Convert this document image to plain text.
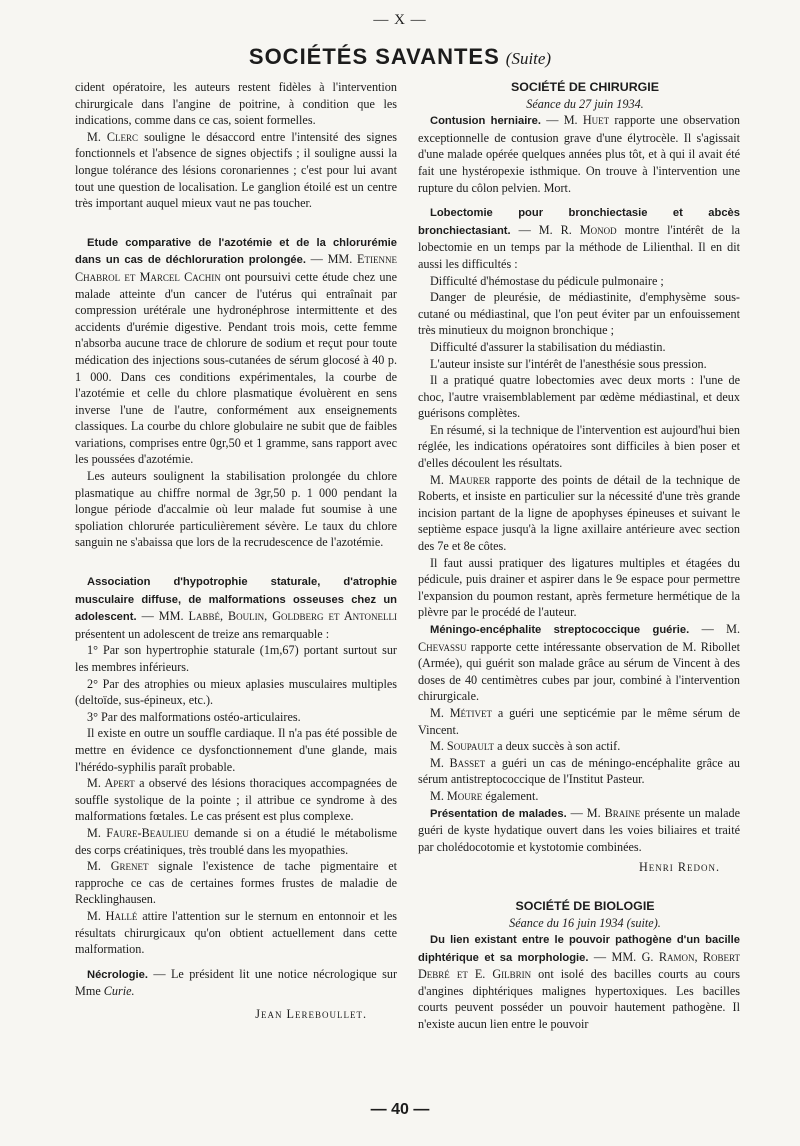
— X —
SOCIÉTÉS SAVANTES (Suite)

cident opératoire, les auteurs restent fidèles à l'intervention chirurgicale dans l'angine de poitrine, à condition que les indications, comme dans ce cas, soient formelles.

M. Clerc souligne le désaccord entre l'intensité des signes fonctionnels et l'absence de signes objectifs ; il souligne aussi la longue tolérance des lésions coronariennes ; c'est pour lui avant tout une question de localisation. Le ganglion étoilé est un centre très important auquel mieux vaut ne pas toucher.

Etude comparative de l'azotémie et de la chlorurémie dans un cas de déchloruration prolongée. — MM. Etienne Chabrol et Marcel Cachin ont poursuivi cette étude chez une malade atteinte d'un cancer de l'utérus qui entraînait par compression urétérale une hydronéphrose intermittente et des accidents d'urémie digestive. Pendant trois mois, cette femme n'absorba aucune trace de chlorure de sodium et reçut pour toute médication des injections sous-cutanées de sérum glocosé à 40 p. 1 000. Dans ces conditions expérimentales, la courbe de l'azotémie et celle du chlore plasmatique évoluèrent en sens inverse l'une de l'autre, conformément aux enseignements classiques. La courbe du chlore globulaire ne subit que de faibles variations, comprises entre 0gr,50 et 1 gramme, sans rapport avec les poussées d'azotémie.

Les auteurs soulignent la stabilisation prolongée du chlore plasmatique au chiffre normal de 3gr,50 p. 1 000 pendant la longue période d'accalmie où leur malade fut soumise à une spoliation chlorurée particulièrement sévère. Le taux du chlore sanguin ne s'abaissa que lors de la recrudescence de l'azotémie.

Association d'hypotrophie staturale, d'atrophie musculaire diffuse, de malformations osseuses chez un adolescent. — MM. Labbé, Boulin, Goldberg et Antonelli présentent un adolescent de treize ans remarquable :

1° Par son hypertrophie staturale (1m,67) portant surtout sur les membres inférieurs.

2° Par des atrophies ou mieux aplasies musculaires multiples (deltoïde, sus-épineux, etc.).

3° Par des malformations ostéo-articulaires.

Il existe en outre un souffle cardiaque. Il n'a pas été possible de mettre en évidence ce dysfonctionnement d'une glande, mais l'hérédo-syphilis paraît probable.

M. Apert a observé des lésions thoraciques accompagnées de souffle systolique de la pointe ; il attribue ce syndrome à des malformations fœtales. Le cas présent est plus complexe.

M. Faure-Beaulieu demande si on a étudié le métabolisme des corps créatiniques, très troublé dans les myopathies.

M. Grenet signale l'existence de tache pigmentaire et rapproche ce cas de certaines formes frustes de maladie de Recklinghausen.

M. Hallé attire l'attention sur le sternum en entonnoir et les résultats chirurgicaux qu'on obtient actuellement dans cette malformation.

Nécrologie. — Le président lit une notice nécrologique sur Mme Curie.

Jean Lereboullet.

SOCIÉTÉ DE CHIRURGIE

Séance du 27 juin 1934.

Contusion herniaire. — M. Huet rapporte une observation exceptionnelle de contusion grave d'une élytrocèle. Il s'agissait d'une malade opérée quelques années plus tôt, et à qui il avait été fait une hystéropexie isthmique. On trouve à l'intervention une rupture du côlon pelvien. Mort.

Lobectomie pour bronchiectasie et abcès bronchiectasiant. — M. R. Monod montre l'intérêt de la lobectomie en un temps par la méthode de Lilienthal. Il en dit aussi les difficultés :

Difficulté d'hémostase du pédicule pulmonaire ;

Danger de pleurésie, de médiastinite, d'emphysème sous-cutané ou médiastinal, que l'on peut éviter par un enfouissement très minutieux du moignon bronchique ;

Difficulté d'assurer la stabilisation du médiastin.

L'auteur insiste sur l'intérêt de l'anesthésie sous pression.

Il a pratiqué quatre lobectomies avec deux morts : l'une de choc, l'autre vraisemblablement par œdème médiastinal, et deux guérisons complètes.

En résumé, si la technique de l'intervention est aujourd'hui bien réglée, les indications opératoires sont difficiles à bien poser et d'elles découlent les résultats.

M. Maurer rapporte des points de détail de la technique de Roberts, et insiste en particulier sur la nécessité d'une très grande incision partant de la ligne de apophyses épineuses et suivant le septième espace jusqu'à la ligne axillaire antérieure avec section des 7e et 8e côtes.

Il faut aussi pratiquer des ligatures multiples et étagées du pédicule, puis drainer et aspirer dans le 9e espace pour permettre l'expansion du poumon restant, après fermeture hermétique de la plèvre par le procédé de l'auteur.

Méningo-encéphalite streptococcique guérie. — M. Chevassu rapporte cette intéressante observation de M. Ribollet (Armée), qui guérit son malade grâce au sérum de Vincent à des doses de 40 centimètres cubes par jour, combiné à l'intervention chirurgicale.

M. Métivet a guéri une septicémie par le même sérum de Vincent.

M. Soupault a deux succès à son actif.

M. Basset a guéri un cas de méningo-encéphalite grâce au sérum antistreptococcique de l'Institut Pasteur.

M. Moure également.

Présentation de malades. — M. Braine présente un malade guéri de kyste hydatique ouvert dans les voies biliaires et traité par cholédocotomie et kystotomie combinées.

Henri Redon.

SOCIÉTÉ DE BIOLOGIE

Séance du 16 juin 1934 (suite).

Du lien existant entre le pouvoir pathogène d'un bacille diphtérique et sa morphologie. — MM. G. Ramon, Robert Debré et E. Gilbrin ont isolé des bacilles courts au cours d'angines diphtériques malignes hypertoxiques. Les bacilles courts peuvent posséder un pouvoir hautement pathogène. Il n'existe aucun lien entre le pouvoir

— 40 —
